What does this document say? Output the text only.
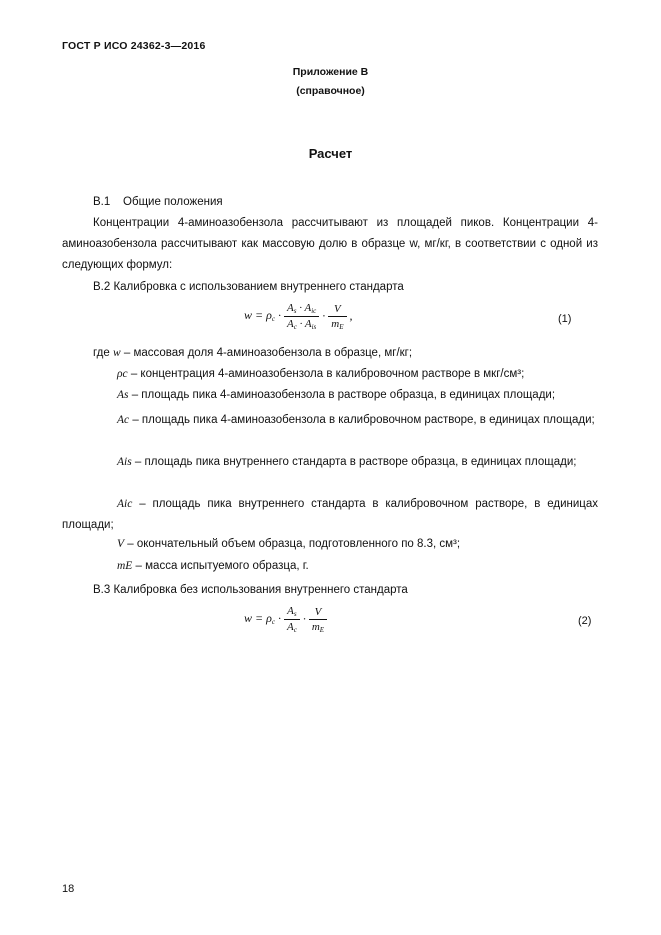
ГОСТ Р ИСО 24362-3—2016
Приложение В
(справочное)
Расчет
В.1    Общие положения
Концентрации 4-аминоазобензола рассчитывают из площадей пиков. Концентрации 4-аминоазобензола рассчитывают как массовую долю в образце w, мг/кг, в соответствии с одной из следующих формул:
В.2 Калибровка с использованием внутреннего стандарта
$w = \rho_c \cdot \frac{A_s \cdot A_{ic}}{A_c \cdot A_{is}} \cdot \frac{V}{m_E}$ ,	(1)
где w – массовая доля 4-аминоазобензола в образце, мг/кг;
ρc – концентрация 4-аминоазобензола в калибровочном растворе в мкг/см³;
As – площадь пика 4-аминоазобензола в растворе образца, в единицах площади;
Ac – площадь пика 4-аминоазобензола в калибровочном растворе, в единицах площади;
Ais – площадь пика внутреннего стандарта в растворе образца, в единицах площади;
Aic – площадь пика внутреннего стандарта в калибровочном растворе, в единицах площади;
V – окончательный объем образца, подготовленного по 8.3, см³;
mE – масса испытуемого образца, г.
В.3 Калибровка без использования внутреннего стандарта
$w = \rho_c \cdot \frac{A_s}{A_c} \cdot \frac{V}{m_E}$	(2)
18
